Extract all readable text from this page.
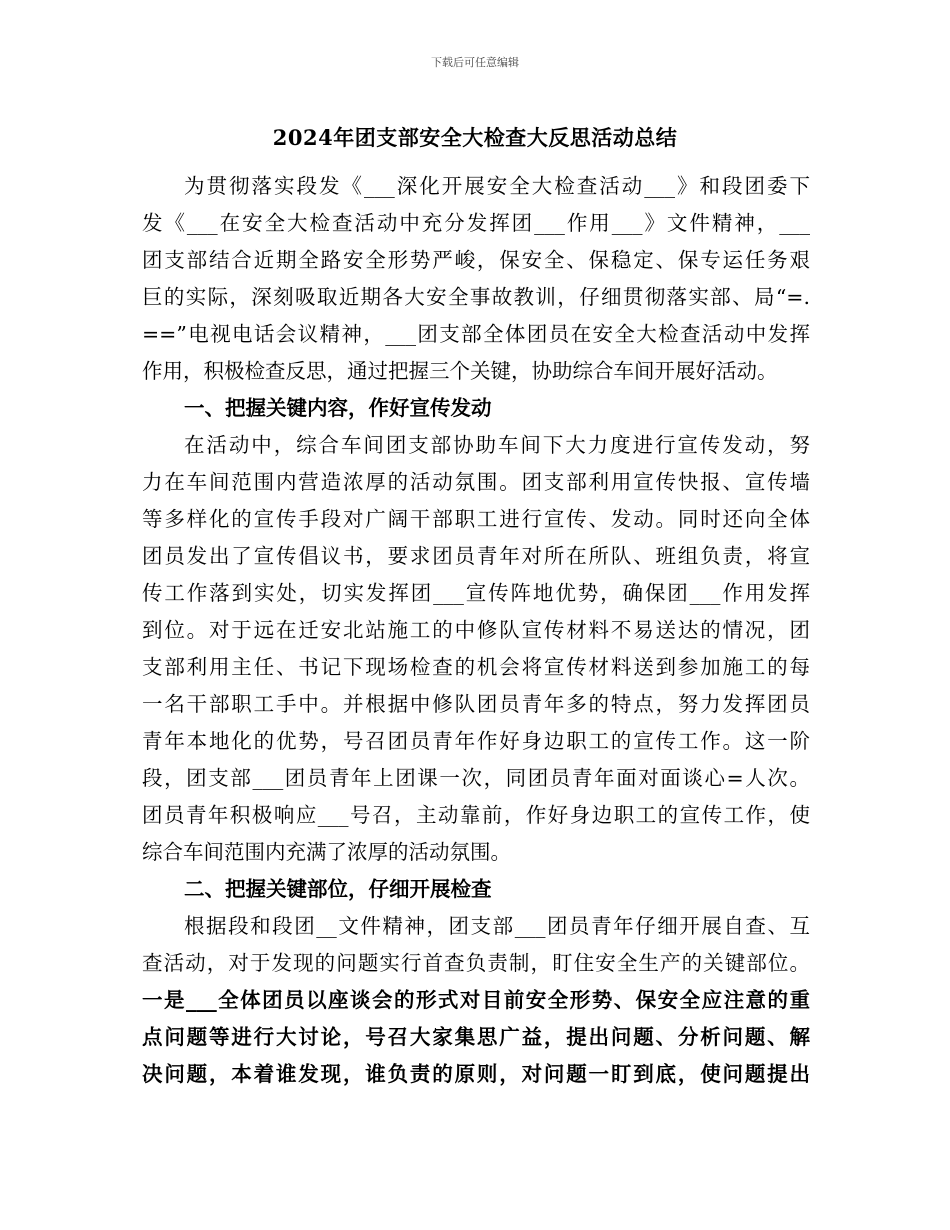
下载后可任意编辑
2024年团支部安全大检查大反思活动总结
为贯彻落实段发《___深化开展安全大检查活动___》和段团委下
发《___在安全大检查活动中充分发挥团___作用___》文件精神，___
团支部结合近期全路安全形势严峻，保安全、保稳定、保专运任务艰
巨的实际，深刻吸取近期各大安全事故教训，仔细贯彻落实部、局“=.
==”电视电话会议精神，___团支部全体团员在安全大检查活动中发挥
作用，积极检查反思，通过把握三个关键，协助综合车间开展好活动。
一、把握关键内容，作好宣传发动
在活动中，综合车间团支部协助车间下大力度进行宣传发动，努
力在车间范围内营造浓厚的活动氛围。团支部利用宣传快报、宣传墙
等多样化的宣传手段对广阔干部职工进行宣传、发动。同时还向全体
团员发出了宣传倡议书，要求团员青年对所在所队、班组负责，将宣
传工作落到实处，切实发挥团___宣传阵地优势，确保团___作用发挥
到位。对于远在迁安北站施工的中修队宣传材料不易送达的情况，团
支部利用主任、书记下现场检查的机会将宣传材料送到参加施工的每
一名干部职工手中。并根据中修队团员青年多的特点，努力发挥团员
青年本地化的优势，号召团员青年作好身边职工的宣传工作。这一阶
段，团支部___团员青年上团课一次，同团员青年面对面谈心=人次。
团员青年积极响应___号召，主动靠前，作好身边职工的宣传工作，使
综合车间范围内充满了浓厚的活动氛围。
二、把握关键部位，仔细开展检查
根据段和段团__文件精神，团支部___团员青年仔细开展自查、互
查活动，对于发现的问题实行首查负责制，盯住安全生产的关键部位。
一是___全体团员以座谈会的形式对目前安全形势、保安全应注意的重
点问题等进行大讨论，号召大家集思广益，提出问题、分析问题、解
决问题，本着谁发现，谁负责的原则，对问题一盯到底，使问题提出
